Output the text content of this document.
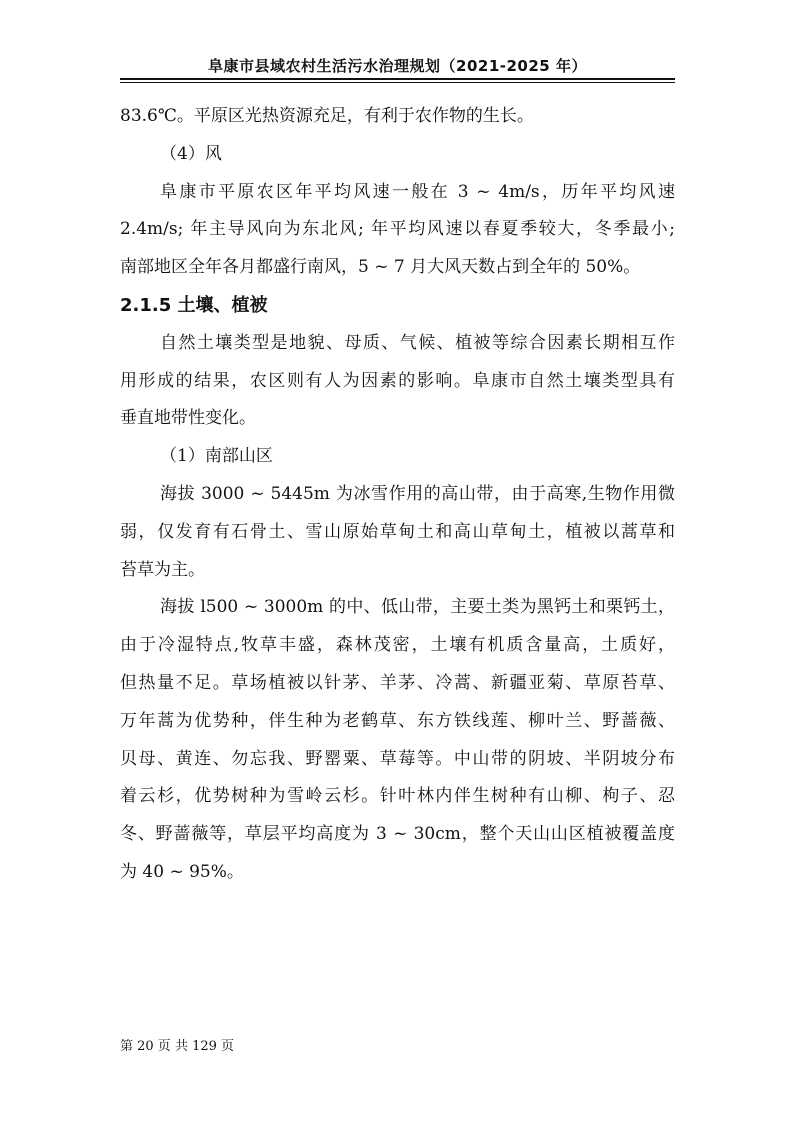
阜康市县域农村生活污水治理规划（2021-2025 年）
83.6℃。平原区光热资源充足，有利于农作物的生长。
（4）风
阜康市平原农区年平均风速一般在 3 ~ 4m/s，历年平均风速
2.4m/s; 年主导风向为东北风; 年平均风速以春夏季较大，冬季最小;
南部地区全年各月都盛行南风，5 ~ 7 月大风天数占到全年的 50%。
2.1.5 土壤、植被
自然土壤类型是地貌、母质、气候、植被等综合因素长期相互作
用形成的结果，农区则有人为因素的影响。阜康市自然土壤类型具有
垂直地带性变化。
（1）南部山区
海拔 3000 ~ 5445m 为冰雪作用的高山带，由于高寒,生物作用微
弱，仅发育有石骨土、雪山原始草甸土和高山草甸土，植被以蒿草和
苔草为主。
海拔 l500 ~ 3000m 的中、低山带，主要土类为黑钙土和栗钙土，
由于冷湿特点,牧草丰盛，森林茂密，土壤有机质含量高，土质好，
但热量不足。草场植被以针茅、羊茅、冷蒿、新疆亚菊、草原苔草、
万年蒿为优势种，伴生种为老鹤草、东方铁线莲、柳叶兰、野蔷薇、
贝母、黄连、勿忘我、野罂粟、草莓等。中山带的阴坡、半阴坡分布
着云杉，优势树种为雪岭云杉。针叶林内伴生树种有山柳、枸子、忍
冬、野蔷薇等，草层平均高度为 3 ~ 30cm，整个天山山区植被覆盖度
为 40 ~ 95%。
第 20 页 共 129 页
